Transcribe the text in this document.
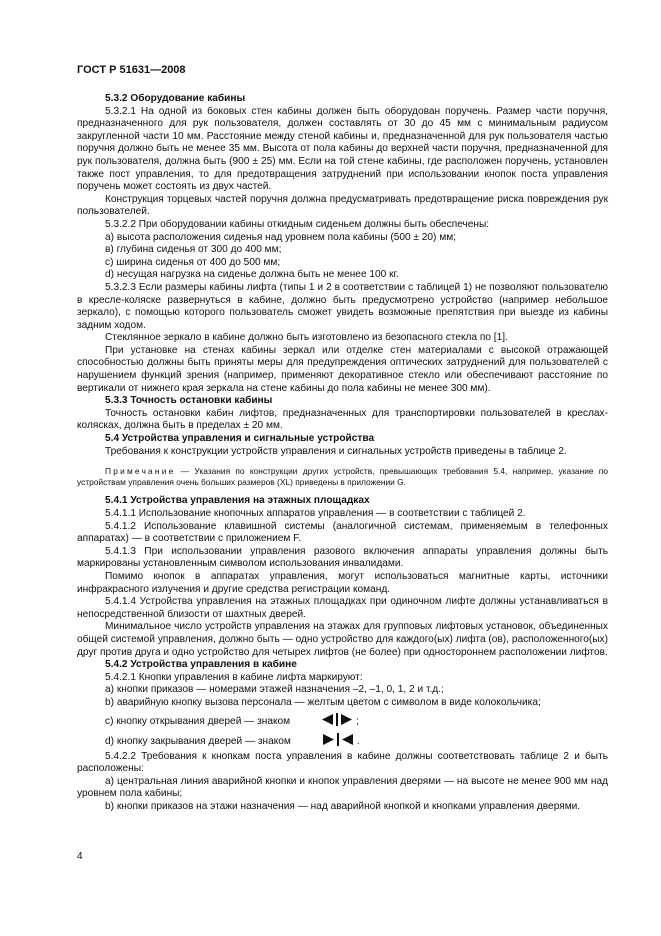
ГОСТ Р 51631—2008

5.3.2 Оборудование кабины

5.3.2.1 На одной из боковых стен кабины должен быть оборудован поручень. Размер части поручня, предназначенного для рук пользователя, должен составлять от 30 до 45 мм с минимальным радиусом закругленной части 10 мм. Расстояние между стеной кабины и, предназначенной для рук пользователя частью поручня должно быть не менее 35 мм. Высота от пола кабины до верхней части поручня, предназначенной для рук пользователя, должна быть (900 ± 25) мм. Если на той стене кабины, где расположен поручень, установлен также пост управления, то для предотвращения затруднений при использовании кнопок поста управления поручень может состоять из двух частей.

Конструкция торцевых частей поручня должна предусматривать предотвращение риска повреждения рук пользователей.

5.3.2.2 При оборудовании кабины откидным сиденьем должны быть обеспечены:

а) высота расположения сиденья над уровнем пола кабины (500 ± 20) мм;

в) глубина сиденья от 300 до 400 мм;

с) ширина сиденья от 400 до 500 мм;

d) несущая нагрузка на сиденье должна быть не менее 100 кг.

5.3.2.3 Если размеры кабины лифта (типы 1 и 2 в соответствии с таблицей 1) не позволяют пользователю в кресле-коляске развернуться в кабине, должно быть предусмотрено устройство (например небольшое зеркало), с помощью которого пользователь сможет увидеть возможные препятствия при выезде из кабины задним ходом.

Стеклянное зеркало в кабине должно быть изготовлено из безопасного стекла по [1].

При установке на стенах кабины зеркал или отделке стен материалами с высокой отражающей способностью должны быть приняты меры для предупреждения оптических затруднений для пользователей с нарушением функций зрения (например, применяют декоративное стекло или обеспечивают расстояние по вертикали от нижнего края зеркала на стене кабины до пола кабины не менее 300 мм).

5.3.3 Точность остановки кабины

Точность остановки кабин лифтов, предназначенных для транспортировки пользователей в креслах-колясках, должна быть в пределах ± 20 мм.

5.4 Устройства управления и сигнальные устройства

Требования к конструкции устройств управления и сигнальных устройств приведены в таблице 2.

Примечание — Указания по конструкции других устройств, превышающих требования 5.4, например, указание по устройствам управления очень больших размеров (XL) приведены в приложении G.

5.4.1 Устройства управления на этажных площадках

5.4.1.1 Использование кнопочных аппаратов управления — в соответствии с таблицей 2.

5.4.1.2 Использование клавишной системы (аналогичной системам, применяемым в телефонных аппаратах) — в соответствии с приложением F.

5.4.1.3 При использовании управления разового включения аппараты управления должны быть маркированы установленным символом использования инвалидами.

Помимо кнопок в аппаратах управления, могут использоваться магнитные карты, источники инфракрасного излучения и другие средства регистрации команд.

5.4.1.4 Устройства управления на этажных площадках при одиночном лифте должны устанавливаться в непосредственной близости от шахтных дверей.

Минимальное число устройств управления на этажах для групповых лифтовых установок, объединенных общей системой управления, должно быть — одно устройство для каждого(ых) лифта (ов), расположенного(ых) друг против друга и одно устройство для четырех лифтов (не более) при одностороннем расположении лифтов.

5.4.2 Устройства управления в кабине

5.4.2.1 Кнопки управления в кабине лифта маркируют:

а) кнопки приказов — номерами этажей назначения –2, –1, 0, 1, 2 и т.д.;

b) аварийную кнопку вызова персонала — желтым цветом с символом в виде колокольчика;

c) кнопку открывания дверей — знаком	;

d) кнопку закрывания дверей — знаком	.

5.4.2.2 Требования к кнопкам поста управления в кабине должны соответствовать таблице 2 и быть расположены:

а) центральная линия аварийной кнопки и кнопок управления дверями — на высоте не менее 900 мм над уровнем пола кабины;

b) кнопки приказов на этажи назначения — над аварийной кнопкой и кнопками управления дверями.

4
